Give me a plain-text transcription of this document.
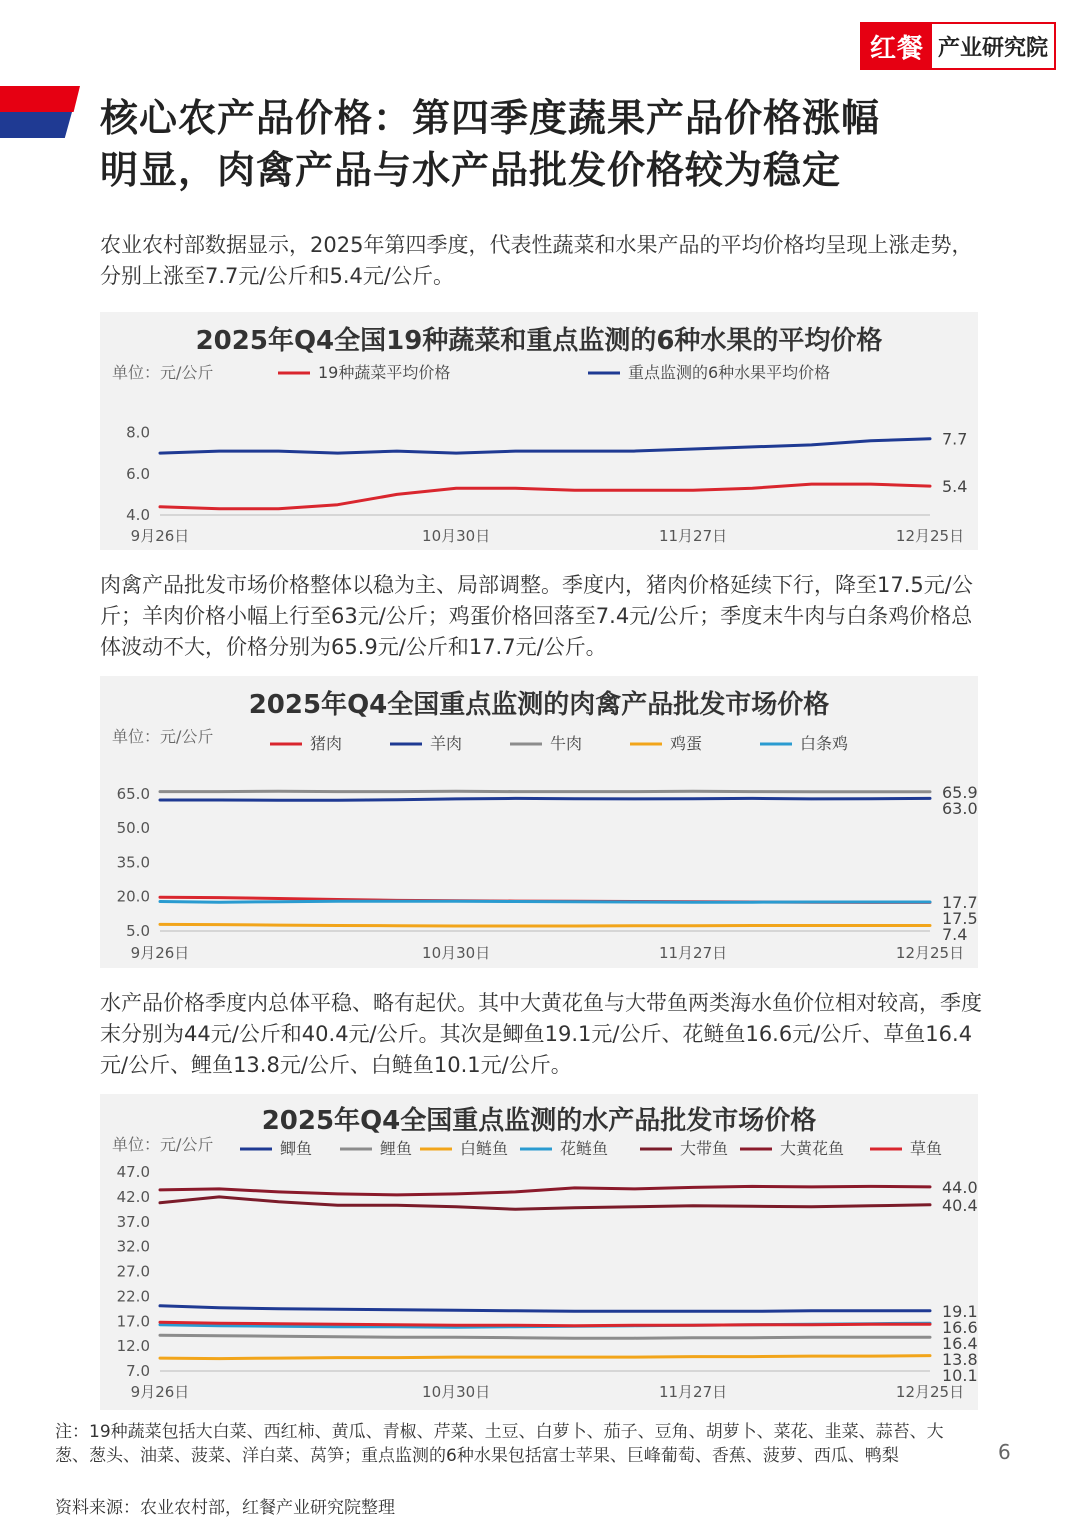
红餐 产业研究院
核心农产品价格：第四季度蔬果产品价格涨幅
明显，肉禽产品与水产品批发价格较为稳定
农业农村部数据显示，2025年第四季度，代表性蔬菜和水果产品的平均价格均呈现上涨走势，分别上涨至7.7元/公斤和5.4元/公斤。
2025年Q4全国19种蔬菜和重点监测的6种水果的平均价格
单位：元/公斤	19种蔬菜平均价格	重点监测的6种水果平均价格
4.0
6.0
8.0
9月26日	10月30日	11月27日	12月25日
7.7
5.4
肉禽产品批发市场价格整体以稳为主、局部调整。季度内，猪肉价格延续下行，降至17.5元/公斤；羊肉价格小幅上行至63元/公斤；鸡蛋价格回落至7.4元/公斤；季度末牛肉与白条鸡价格总体波动不大，价格分别为65.9元/公斤和17.7元/公斤。
2025年Q4全国重点监测的肉禽产品批发市场价格
单位：元/公斤	猪肉	羊肉	牛肉	鸡蛋	白条鸡
5.0
20.0
35.0
50.0
65.0
9月26日	10月30日	11月27日	12月25日
65.9
63.0
17.7
17.5
7.4
水产品价格季度内总体平稳、略有起伏。其中大黄花鱼与大带鱼两类海水鱼价位相对较高，季度末分别为44元/公斤和40.4元/公斤。其次是鲫鱼19.1元/公斤、花鲢鱼16.6元/公斤、草鱼16.4元/公斤、鲤鱼13.8元/公斤、白鲢鱼10.1元/公斤。
2025年Q4全国重点监测的水产品批发市场价格
单位：元/公斤	鲫鱼	鲤鱼	白鲢鱼	花鲢鱼	大带鱼	大黄花鱼	草鱼
7.0
12.0
17.0
22.0
27.0
32.0
37.0
42.0
47.0
9月26日	10月30日	11月27日	12月25日
44.0
40.4
19.1
16.6
16.4
13.8
10.1
注：19种蔬菜包括大白菜、西红柿、黄瓜、青椒、芹菜、土豆、白萝卜、茄子、豆角、胡萝卜、菜花、韭菜、蒜苔、大葱、葱头、油菜、菠菜、洋白菜、莴笋；重点监测的6种水果包括富士苹果、巨峰葡萄、香蕉、菠萝、西瓜、鸭梨
资料来源：农业农村部，红餐产业研究院整理
6
